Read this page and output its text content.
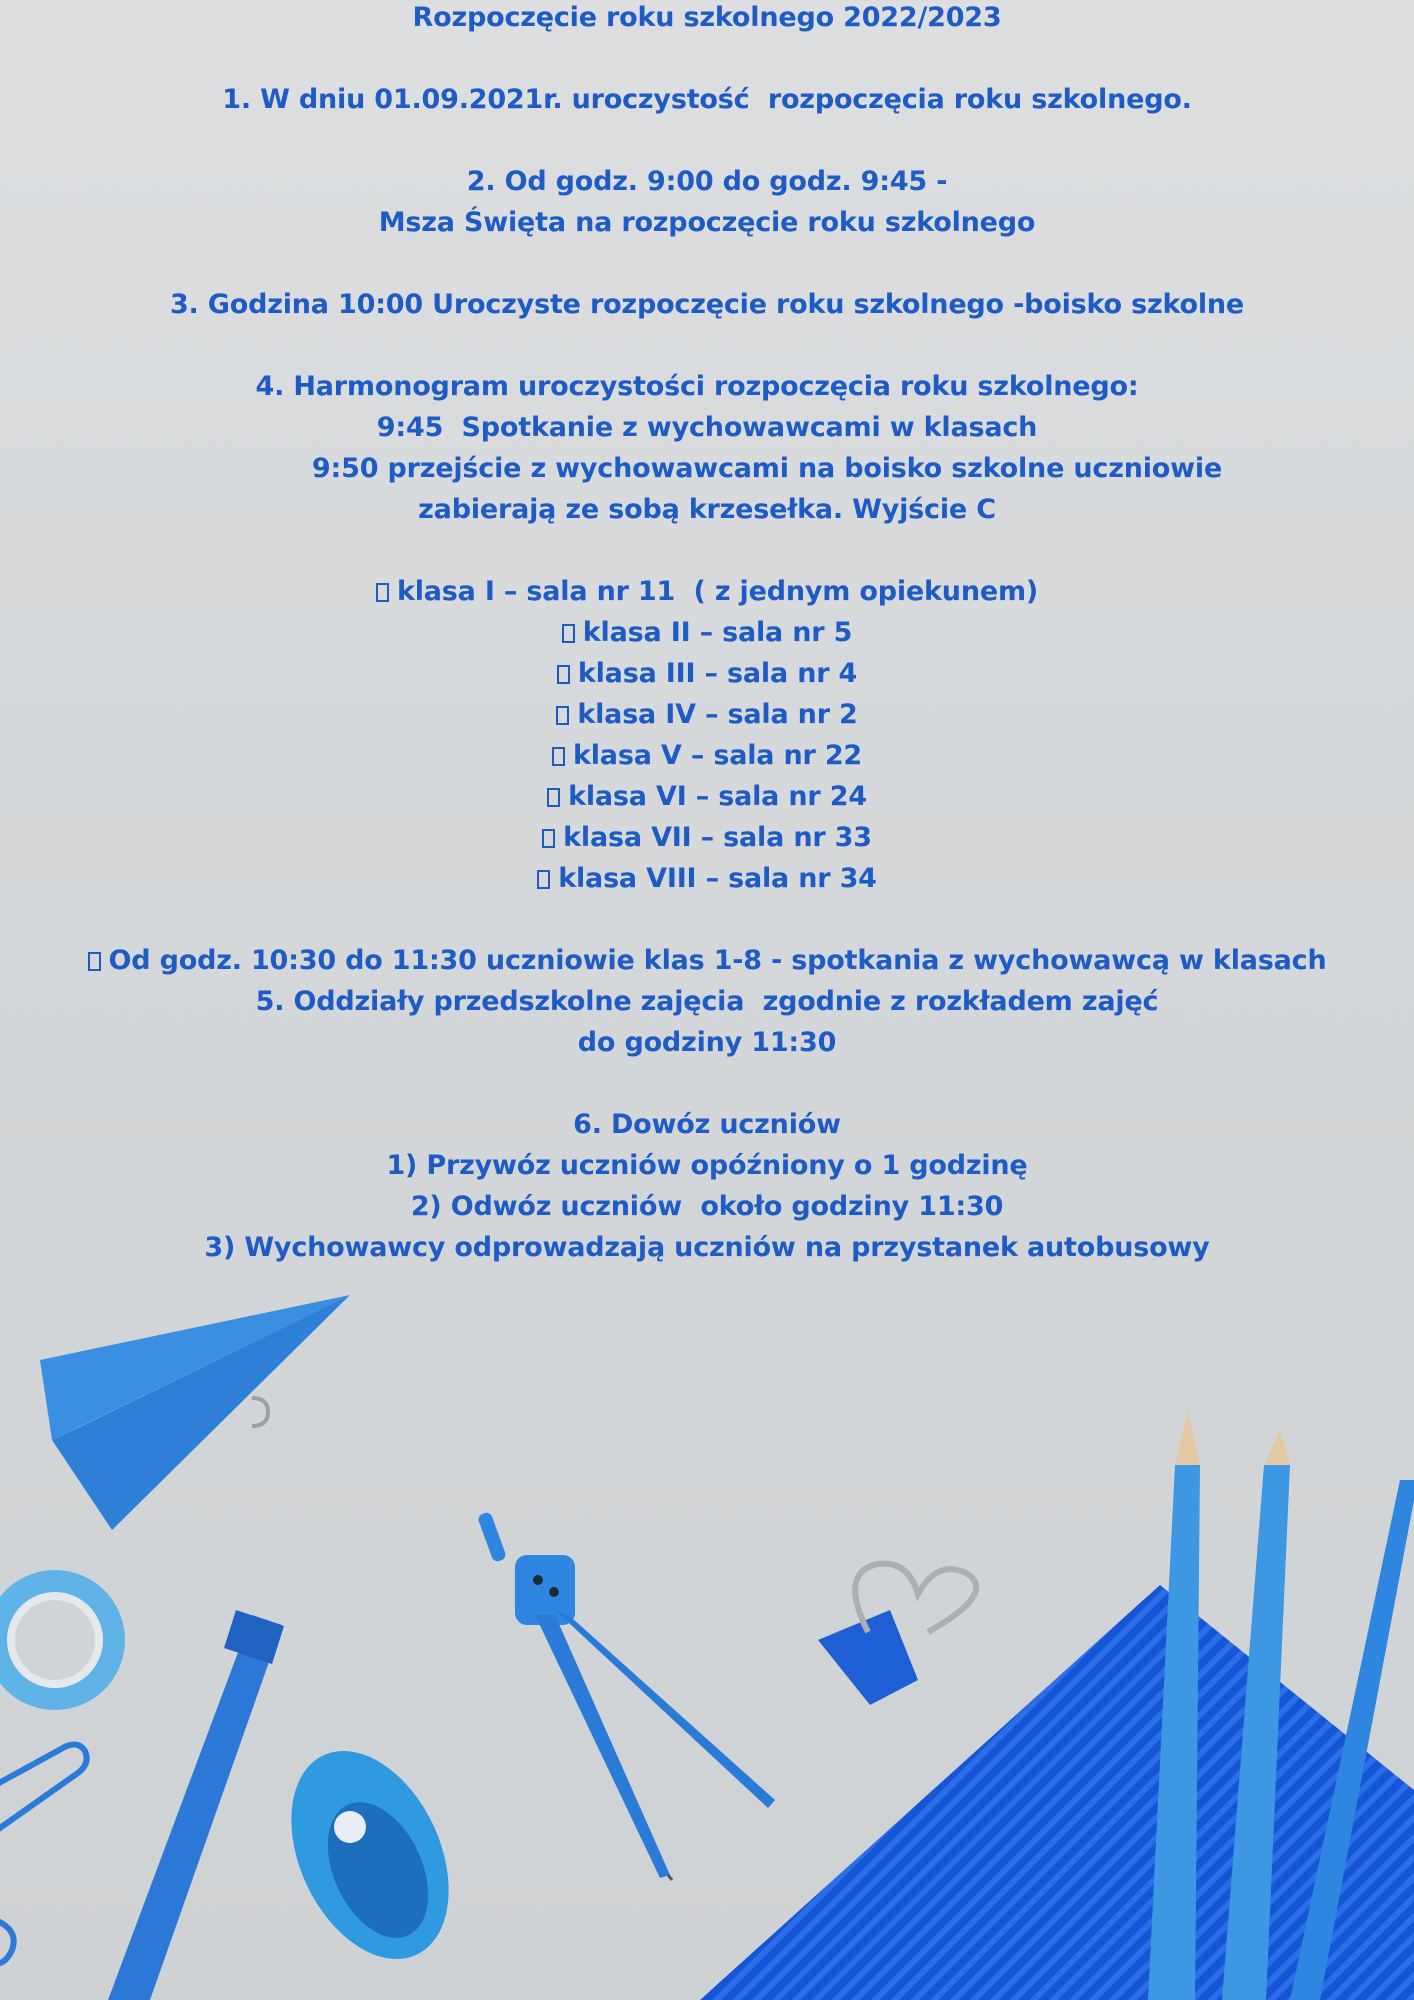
Rozpoczęcie roku szkolnego 2022/2023
1. W dniu 01.09.2021r. uroczystość  rozpoczęcia roku szkolnego.
2. Od godz. 9:00 do godz. 9:45 -
Msza Święta na rozpoczęcie roku szkolnego
3. Godzina 10:00 Uroczyste rozpoczęcie roku szkolnego -boisko szkolne
4. Harmonogram uroczystości rozpoczęcia roku szkolnego:
9:45  Spotkanie z wychowawcami w klasach
9:50 przejście z wychowawcami na boisko szkolne uczniowie
zabierają ze sobą krzesełka. Wyjście C
klasa I – sala nr 11  ( z jednym opiekunem)
klasa II – sala nr 5
klasa III – sala nr 4
klasa IV – sala nr 2
klasa V – sala nr 22
klasa VI – sala nr 24
klasa VII – sala nr 33
klasa VIII – sala nr 34
Od godz. 10:30 do 11:30 uczniowie klas 1-8 - spotkania z wychowawcą w klasach
5. Oddziały przedszkolne zajęcia  zgodnie z rozkładem zajęć
do godziny 11:30
6. Dowóz uczniów
1) Przywóz uczniów opóźniony o 1 godzinę
2) Odwóz uczniów  około godziny 11:30
3) Wychowawcy odprowadzają uczniów na przystanek autobusowy
